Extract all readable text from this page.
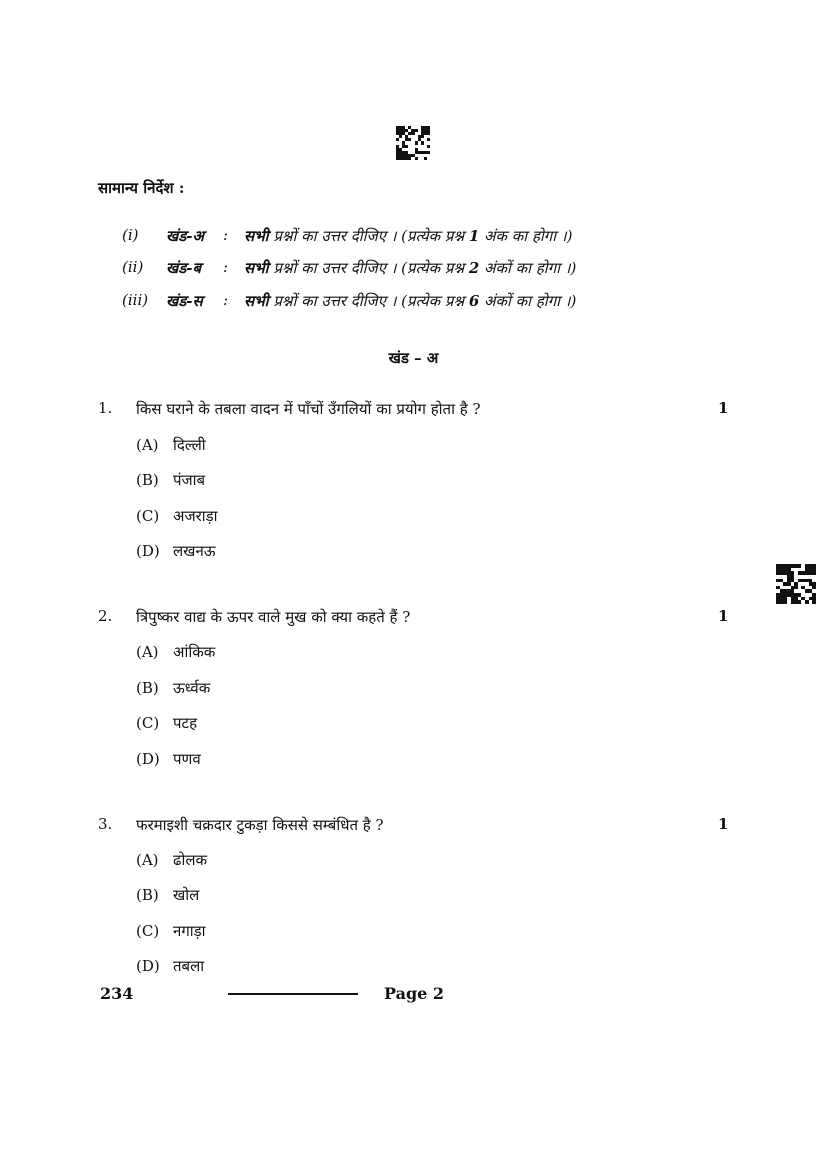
सामान्य निर्देश :
(i) खंड-अ : सभी प्रश्नों का उत्तर दीजिए । (प्रत्येक प्रश्न 1 अंक का होगा ।)
(ii) खंड-ब : सभी प्रश्नों का उत्तर दीजिए । (प्रत्येक प्रश्न 2 अंकों का होगा ।)
(iii) खंड-स : सभी प्रश्नों का उत्तर दीजिए । (प्रत्येक प्रश्न 6 अंकों का होगा ।)
खंड – अ
1. किस घराने के तबला वादन में पाँचों उँगलियों का प्रयोग होता है ?	1
(A) दिल्ली
(B) पंजाब
(C) अजराड़ा
(D) लखनऊ
2. त्रिपुष्कर वाद्य के ऊपर वाले मुख को क्या कहते हैं ?	1
(A) आंकिक
(B) ऊर्ध्वक
(C) पटह
(D) पणव
3. फरमाइशी चक्रदार टुकड़ा किससे सम्बंधित है ?	1
(A) ढोलक
(B) खोल
(C) नगाड़ा
(D) तबला
234	Page 2
